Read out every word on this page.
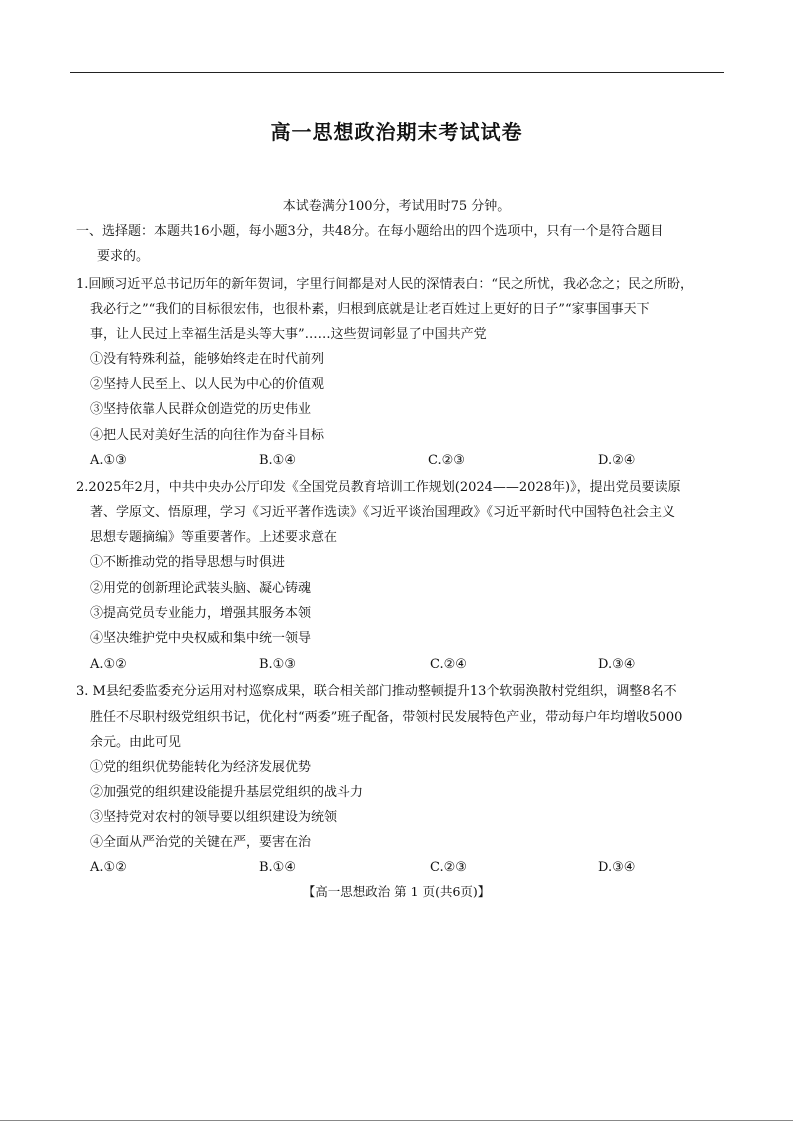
高一思想政治期末考试试卷
本试卷满分100分，考试用时75 分钟。
一、选择题：本题共16小题，每小题3分，共48分。在每小题给出的四个选项中，只有一个是符合题目
要求的。
1.回顾习近平总书记历年的新年贺词，字里行间都是对人民的深情表白：“民之所忧，我必念之；民之所盼，
我必行之”“我们的目标很宏伟，也很朴素，归根到底就是让老百姓过上更好的日子”“家事国事天下
事，让人民过上幸福生活是头等大事”……这些贺词彰显了中国共产党
①没有特殊利益，能够始终走在时代前列
②坚持人民至上、以人民为中心的价值观
③坚持依靠人民群众创造党的历史伟业
④把人民对美好生活的向往作为奋斗目标
A.①③	B.①④	C.②③	D.②④
2.2025年2月，中共中央办公厅印发《全国党员教育培训工作规划(2024——2028年)》，提出党员要读原
著、学原文、悟原理，学习《习近平著作选读》《习近平谈治国理政》《习近平新时代中国特色社会主义
思想专题摘编》等重要著作。上述要求意在
①不断推动党的指导思想与时俱进
②用党的创新理论武装头脑、凝心铸魂
③提高党员专业能力，增强其服务本领
④坚决维护党中央权威和集中统一领导
A.①②	B.①③	C.②④	D.③④
3. M县纪委监委充分运用对村巡察成果，联合相关部门推动整顿提升13个软弱涣散村党组织，调整8名不
胜任不尽职村级党组织书记，优化村“两委”班子配备，带领村民发展特色产业，带动每户年均增收5000
余元。由此可见
①党的组织优势能转化为经济发展优势
②加强党的组织建设能提升基层党组织的战斗力
③坚持党对农村的领导要以组织建设为统领
④全面从严治党的关键在严，要害在治
A.①②	B.①④	C.②③	D.③④
【高一思想政治 第 1 页(共6页)】
